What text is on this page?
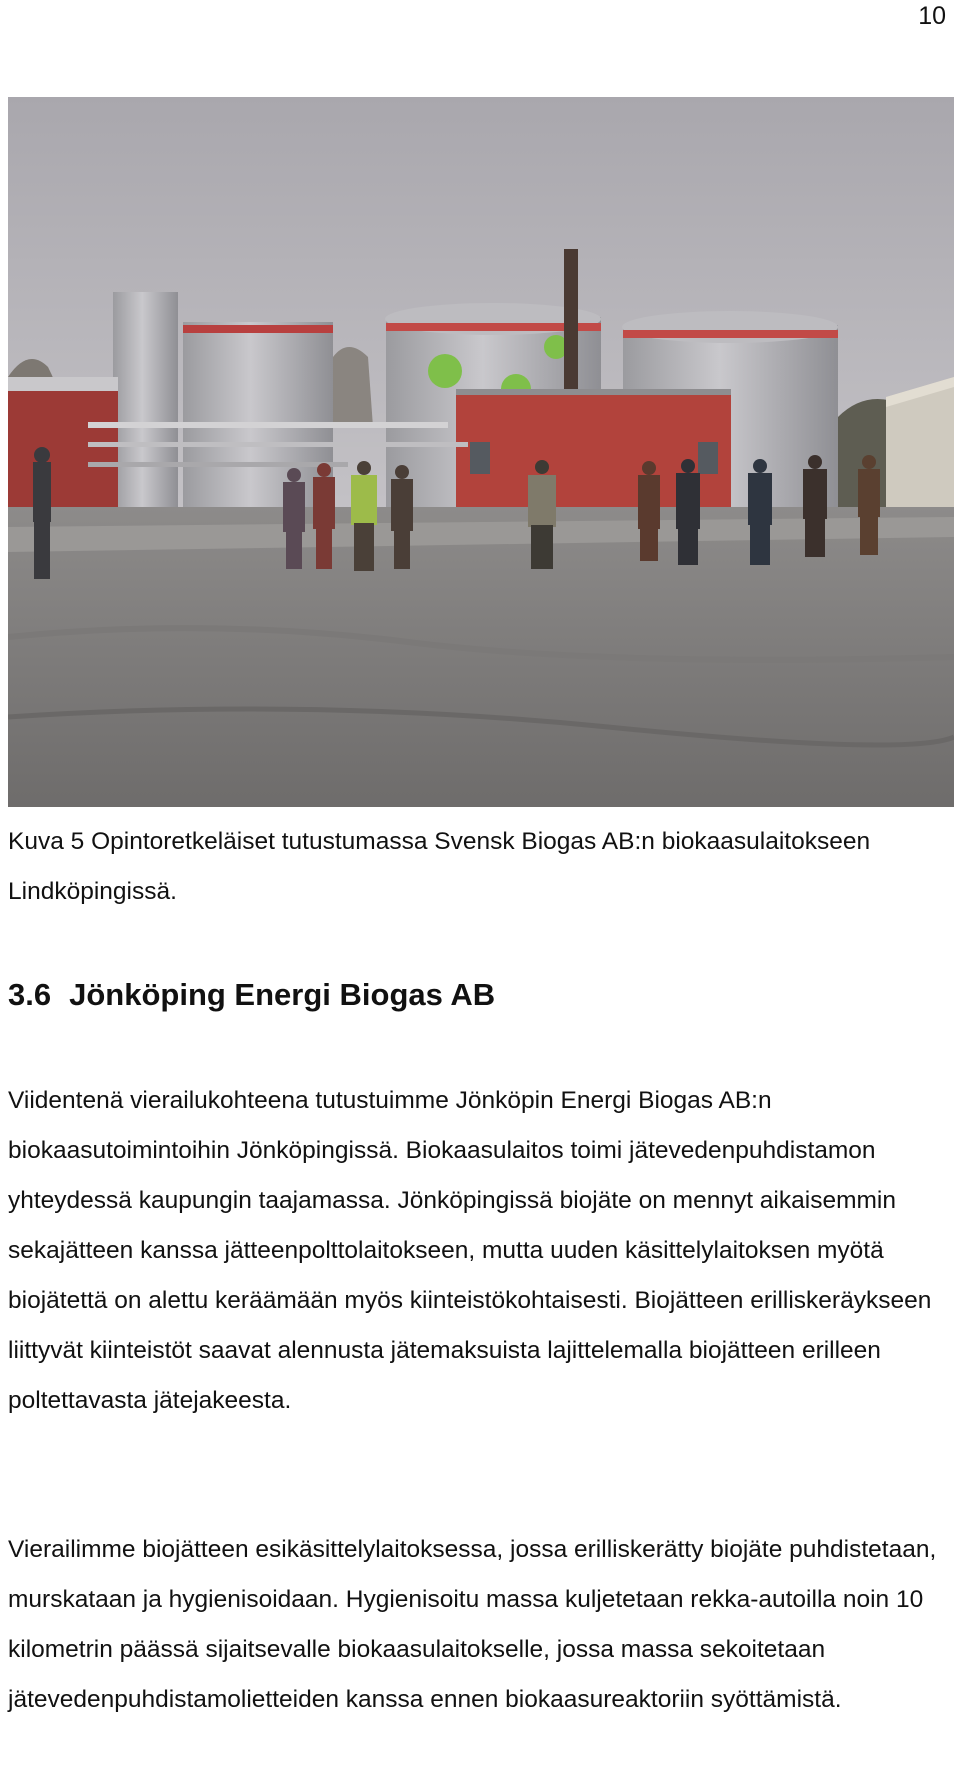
10

Kuva 5 Opintoretkeläiset tutustumassa Svensk Biogas AB:n biokaasulaitokseen Lindköpingissä.

3.6 Jönköping Energi Biogas AB

Viidentenä vierailukohteena tutustuimme Jönköpin Energi Biogas AB:n biokaasutoimintoihin Jönköpingissä. Biokaasulaitos toimi jätevedenpuhdistamon yhteydessä kaupungin taajamassa. Jönköpingissä biojäte on mennyt aikaisemmin sekajätteen kanssa jätteenpolttolaitokseen, mutta uuden käsittelylaitoksen myötä biojätettä on alettu keräämään myös kiinteistökohtaisesti. Biojätteen erilliskeräykseen liittyvät kiinteistöt saavat alennusta jätemaksuista lajittelemalla biojätteen erilleen poltettavasta jätejakeesta.

Vierailimme biojätteen esikäsittelylaitoksessa, jossa erilliskerätty biojäte puhdistetaan, murskataan ja hygienisoidaan. Hygienisoitu massa kuljetetaan rekka-autoilla noin 10 kilometrin päässä sijaitsevalle biokaasulaitokselle, jossa massa sekoitetaan jätevedenpuhdistamolietteiden kanssa ennen biokaasureaktoriin syöttämistä.
